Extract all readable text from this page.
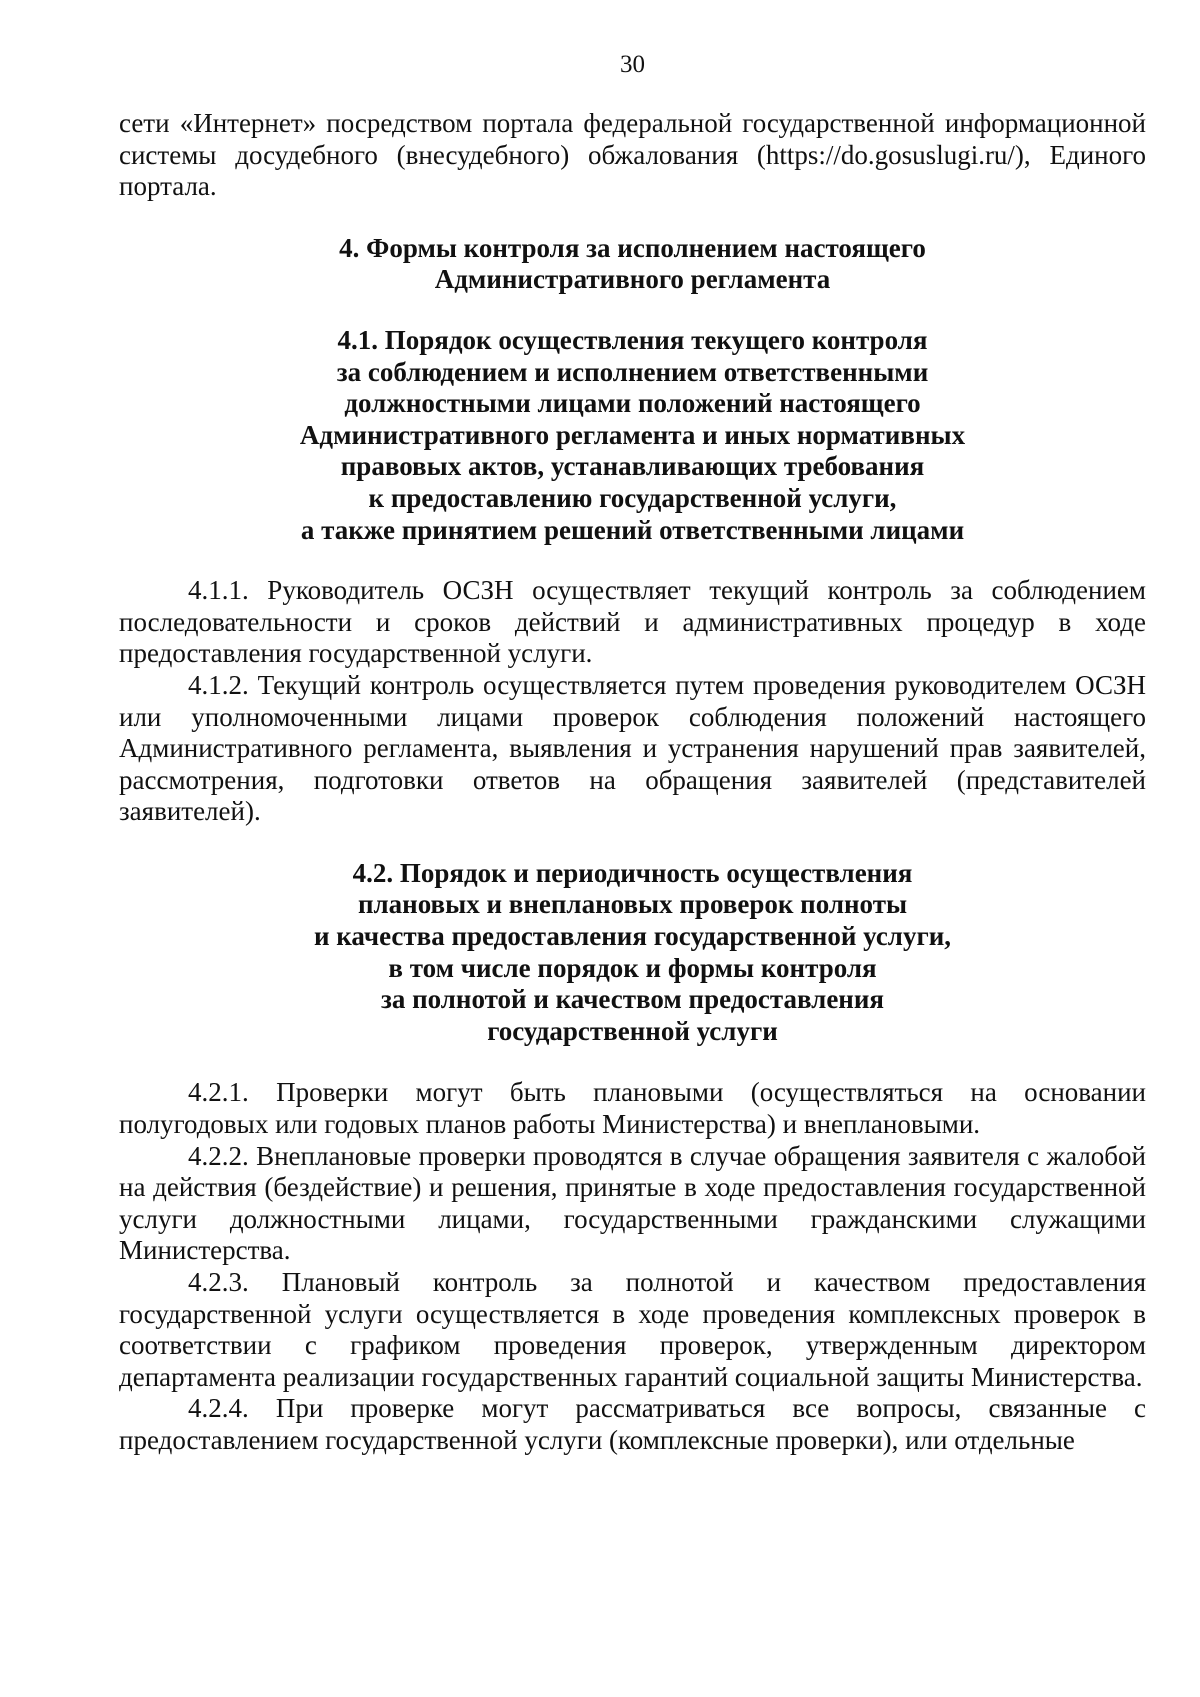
30

сети «Интернет» посредством портала федеральной государственной информационной системы досудебного (внесудебного) обжалования (https://do.gosuslugi.ru/), Единого портала.

4. Формы контроля за исполнением настоящего
Административного регламента
4.1. Порядок осуществления текущего контроля
за соблюдением и исполнением ответственными
должностными лицами положений настоящего
Административного регламента и иных нормативных
правовых актов, устанавливающих требования
к предоставлению государственной услуги,
а также принятием решений ответственными лицами

4.1.1. Руководитель ОСЗН осуществляет текущий контроль за соблюдением последовательности и сроков действий и административных процедур в ходе предоставления государственной услуги.

4.1.2. Текущий контроль осуществляется путем проведения руководителем ОСЗН или уполномоченными лицами проверок соблюдения положений настоящего Административного регламента, выявления и устранения нарушений прав заявителей, рассмотрения, подготовки ответов на обращения заявителей (представителей заявителей).

4.2. Порядок и периодичность осуществления
плановых и внеплановых проверок полноты
и качества предоставления государственной услуги,
в том числе порядок и формы контроля
за полнотой и качеством предоставления
государственной услуги

4.2.1. Проверки могут быть плановыми (осуществляться на основании полугодовых или годовых планов работы Министерства) и внеплановыми.

4.2.2. Внеплановые проверки проводятся в случае обращения заявителя с жалобой на действия (бездействие) и решения, принятые в ходе предоставления государственной услуги должностными лицами, государственными гражданскими служащими Министерства.

4.2.3. Плановый контроль за полнотой и качеством предоставления государственной услуги осуществляется в ходе проведения комплексных проверок в соответствии с графиком проведения проверок, утвержденным директором департамента реализации государственных гарантий социальной защиты Министерства.

4.2.4. При проверке могут рассматриваться все вопросы, связанные с предоставлением государственной услуги (комплексные проверки), или отдельные
